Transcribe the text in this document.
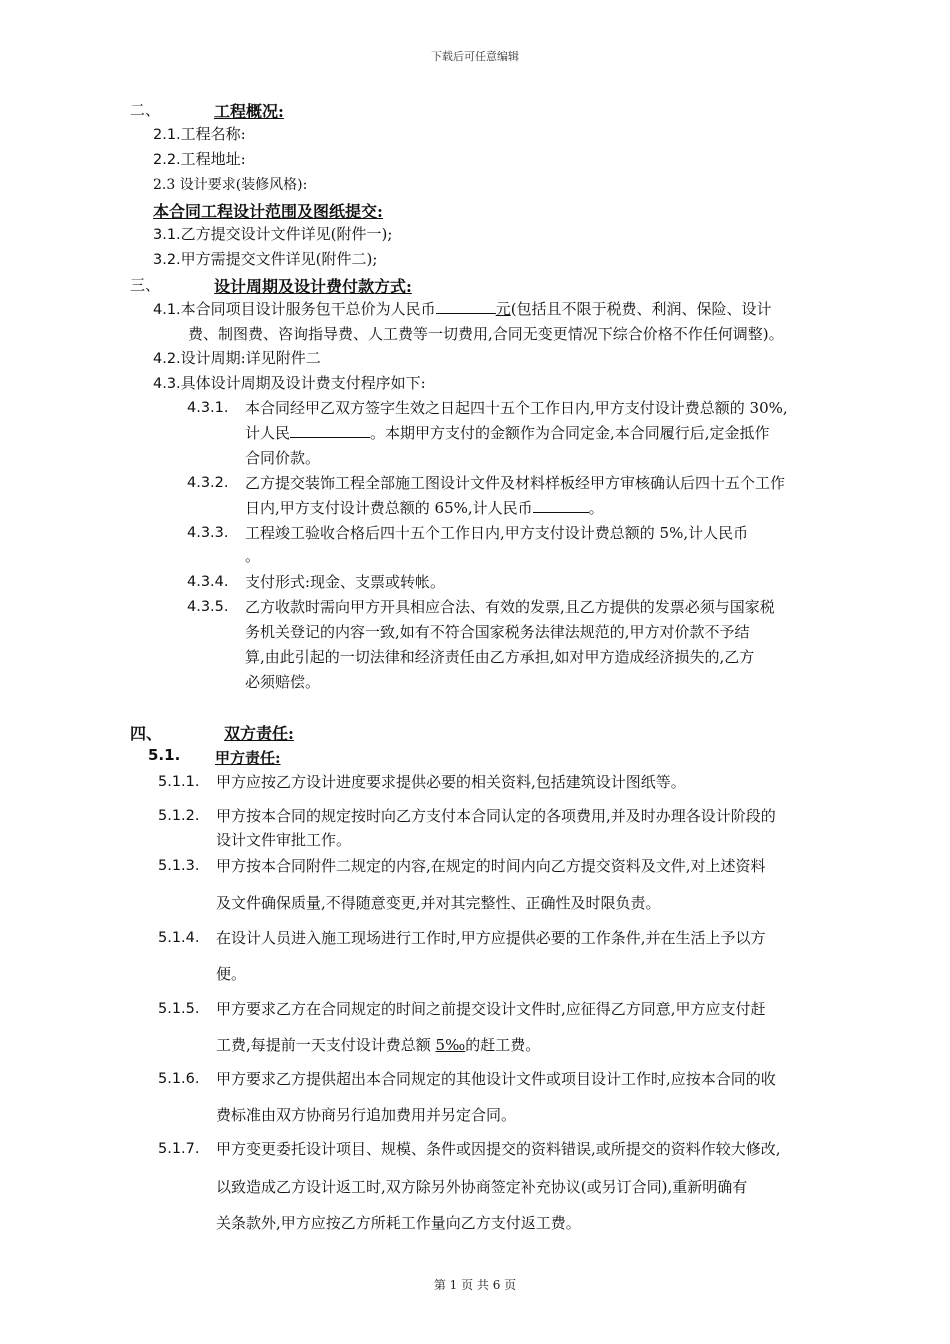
下载后可任意编辑
二、	工程概况:
2.1.工程名称:
2.2.工程地址:
2.3 设计要求(装修风格):
本合同工程设计范围及图纸提交:
3.1.乙方提交设计文件详见(附件一);
3.2.甲方需提交文件详见(附件二);
三、	设计周期及设计费付款方式:
4.1.本合同项目设计服务包干总价为人民币	元(包括且不限于税费、利润、保险、设计
费、制图费、咨询指导费、人工费等一切费用,合同无变更情况下综合价格不作任何调整)。
4.2.设计周期:详见附件二
4.3.具体设计周期及设计费支付程序如下:
4.3.1. 本合同经甲乙双方签字生效之日起四十五个工作日内,甲方支付设计费总额的 30%,
计人民	。本期甲方支付的金额作为合同定金,本合同履行后,定金抵作
合同价款。
4.3.2. 乙方提交装饰工程全部施工图设计文件及材料样板经甲方审核确认后四十五个工作
日内,甲方支付设计费总额的 65%,计人民币	。
4.3.3. 工程竣工验收合格后四十五个工作日内,甲方支付设计费总额的 5%,计人民币
。
4.3.4. 支付形式:现金、支票或转帐。
4.3.5. 乙方收款时需向甲方开具相应合法、有效的发票,且乙方提供的发票必须与国家税
务机关登记的内容一致,如有不符合国家税务法律法规范的,甲方对价款不予结
算,由此引起的一切法律和经济责任由乙方承担,如对甲方造成经济损失的,乙方
必须赔偿。
四、	双方责任:
5.1. 甲方责任:
5.1.1. 甲方应按乙方设计进度要求提供必要的相关资料,包括建筑设计图纸等。
5.1.2. 甲方按本合同的规定按时向乙方支付本合同认定的各项费用,并及时办理各设计阶段的
设计文件审批工作。
5.1.3. 甲方按本合同附件二规定的内容,在规定的时间内向乙方提交资料及文件,对上述资料
及文件确保质量,不得随意变更,并对其完整性、正确性及时限负责。
5.1.4. 在设计人员进入施工现场进行工作时,甲方应提供必要的工作条件,并在生活上予以方
便。
5.1.5. 甲方要求乙方在合同规定的时间之前提交设计文件时,应征得乙方同意,甲方应支付赶
工费,每提前一天支付设计费总额 5‰的赶工费。
5.1.6. 甲方要求乙方提供超出本合同规定的其他设计文件或项目设计工作时,应按本合同的收
费标准由双方协商另行追加费用并另定合同。
5.1.7. 甲方变更委托设计项目、规模、条件或因提交的资料错误,或所提交的资料作较大修改,
以致造成乙方设计返工时,双方除另外协商签定补充协议(或另订合同),重新明确有
关条款外,甲方应按乙方所耗工作量向乙方支付返工费。
第 1 页 共 6 页
